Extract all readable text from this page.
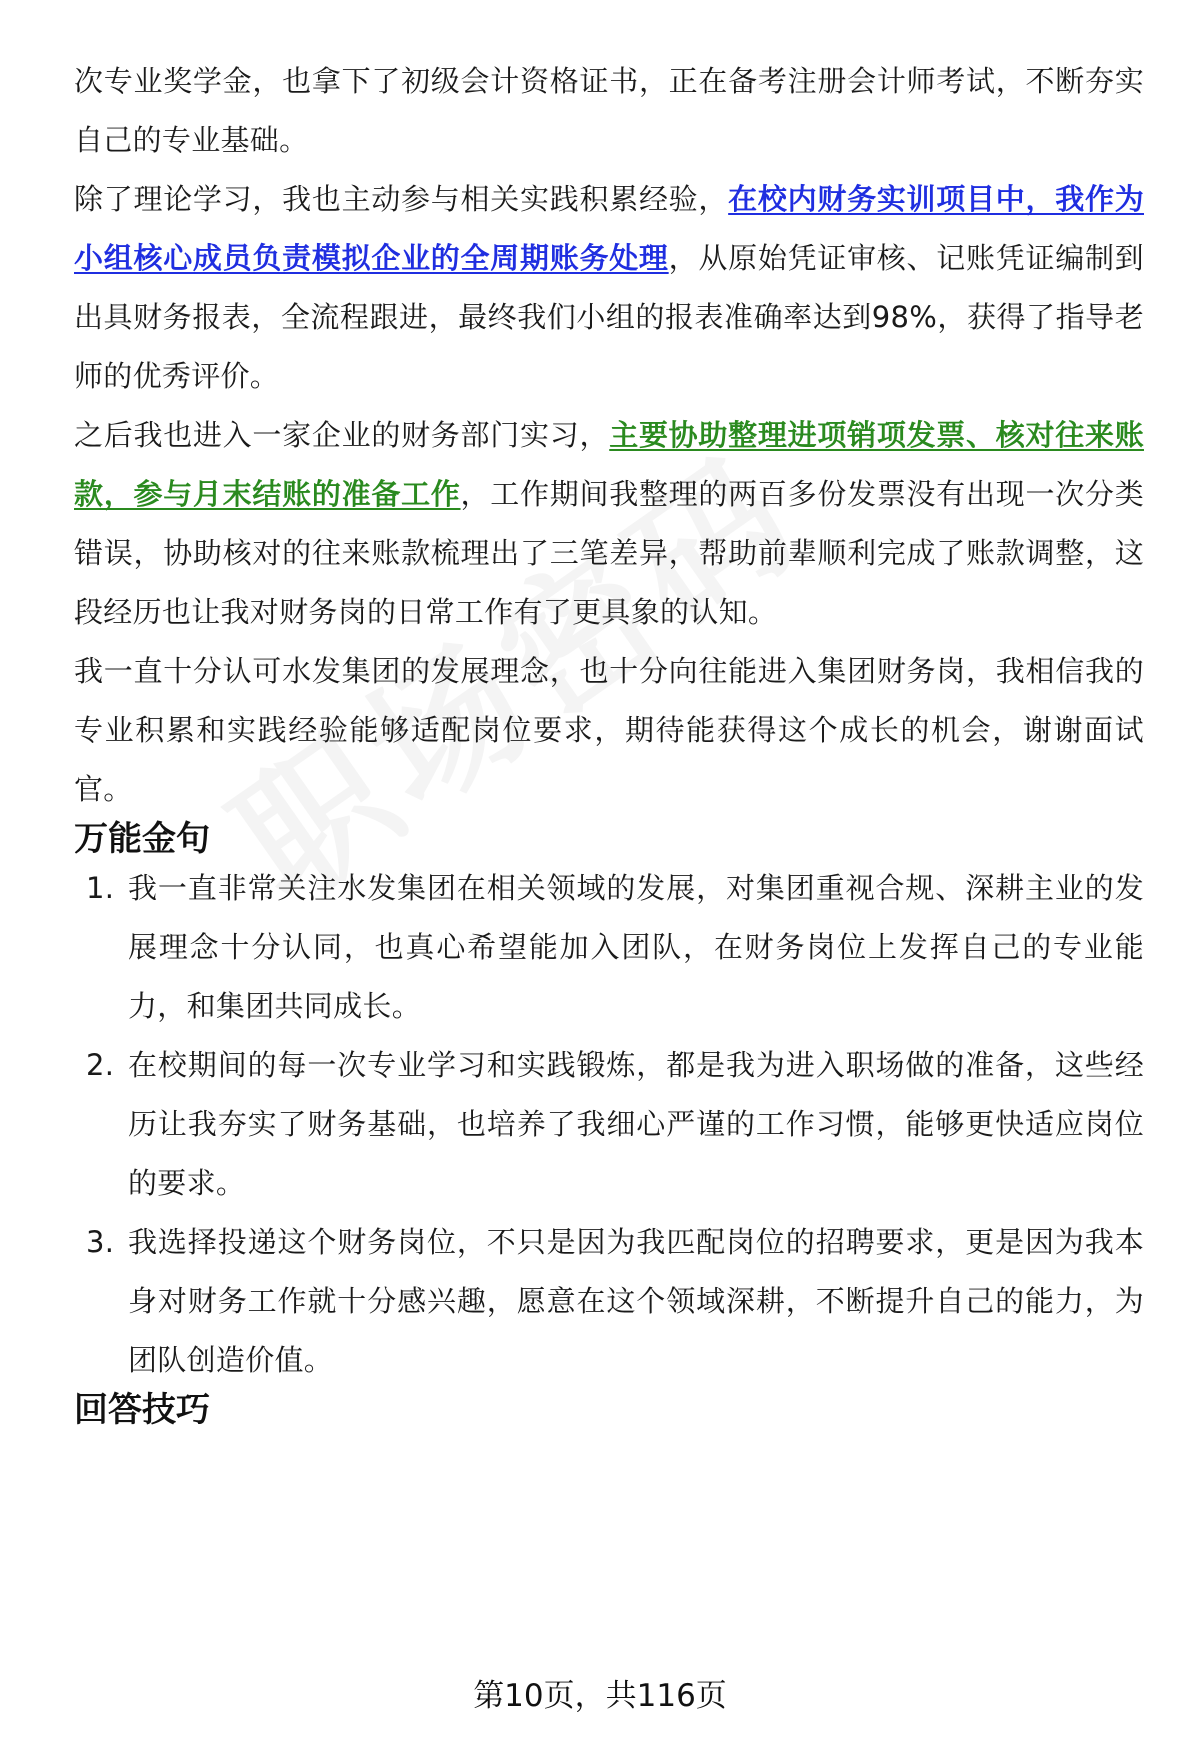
次专业奖学金，也拿下了初级会计资格证书，正在备考注册会计师考试，不断夯实自己的专业基础。

除了理论学习，我也主动参与相关实践积累经验，在校内财务实训项目中，我作为小组核心成员负责模拟企业的全周期账务处理，从原始凭证审核、记账凭证编制到出具财务报表，全流程跟进，最终我们小组的报表准确率达到98%，获得了指导老师的优秀评价。

之后我也进入一家企业的财务部门实习，主要协助整理进项销项发票、核对往来账款，参与月末结账的准备工作，工作期间我整理的两百多份发票没有出现一次分类错误，协助核对的往来账款梳理出了三笔差异，帮助前辈顺利完成了账款调整，这段经历也让我对财务岗的日常工作有了更具象的认知。

我一直十分认可水发集团的发展理念，也十分向往能进入集团财务岗，我相信我的专业积累和实践经验能够适配岗位要求，期待能获得这个成长的机会，谢谢面试官。

万能金句
1. 我一直非常关注水发集团在相关领域的发展，对集团重视合规、深耕主业的发展理念十分认同，也真心希望能加入团队，在财务岗位上发挥自己的专业能力，和集团共同成长。
2. 在校期间的每一次专业学习和实践锻炼，都是我为进入职场做的准备，这些经历让我夯实了财务基础，也培养了我细心严谨的工作习惯，能够更快适应岗位的要求。
3. 我选择投递这个财务岗位，不只是因为我匹配岗位的招聘要求，更是因为我本身对财务工作就十分感兴趣，愿意在这个领域深耕，不断提升自己的能力，为团队创造价值。
回答技巧
第10页，共116页
